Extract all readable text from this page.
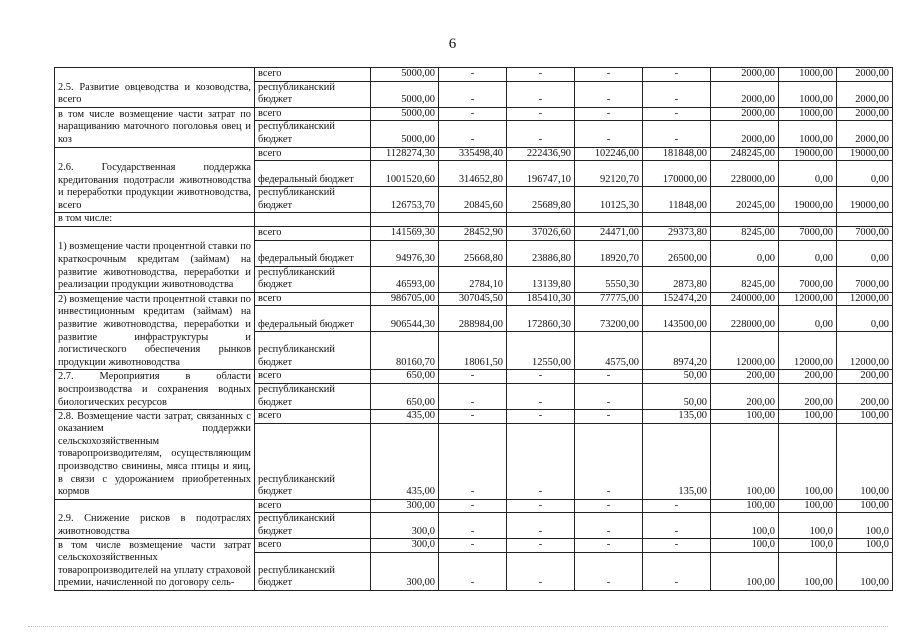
6
2.5. Развитие овцеводства и козоводства, всего	всего	5000,00	-	-	-	-	2000,00	1000,00	2000,00
	республиканский бюджет	5000,00	-	-	-	-	2000,00	1000,00	2000,00
в том числе возмещение части затрат по наращиванию маточного поголовья овец и коз	всего	5000,00	-	-	-	-	2000,00	1000,00	2000,00
	республиканский бюджет	5000,00	-	-	-	-	2000,00	1000,00	2000,00
2.6. Государственная поддержка кредитования подотрасли животноводства и переработки продукции животноводства, всего	всего	1128274,30	335498,40	222436,90	102246,00	181848,00	248245,00	19000,00	19000,00
	федеральный бюджет	1001520,60	314652,80	196747,10	92120,70	170000,00	228000,00	0,00	0,00
	республиканский бюджет	126753,70	20845,60	25689,80	10125,30	11848,00	20245,00	19000,00	19000,00
в том числе:									
1) возмещение части процентной ставки по краткосрочным кредитам (займам) на развитие животноводства, переработки и реализации продукции животноводства	всего	141569,30	28452,90	37026,60	24471,00	29373,80	8245,00	7000,00	7000,00
	федеральный бюджет	94976,30	25668,80	23886,80	18920,70	26500,00	0,00	0,00	0,00
	республиканский бюджет	46593,00	2784,10	13139,80	5550,30	2873,80	8245,00	7000,00	7000,00
2) возмещение части процентной ставки по инвестиционным кредитам (займам) на развитие животноводства, переработки и развитие инфраструктуры и логистического обеспечения рынков продукции животноводства	всего	986705,00	307045,50	185410,30	77775,00	152474,20	240000,00	12000,00	12000,00
	федеральный бюджет	906544,30	288984,00	172860,30	73200,00	143500,00	228000,00	0,00	0,00
	республиканский бюджет	80160,70	18061,50	12550,00	4575,00	8974,20	12000,00	12000,00	12000,00
2.7. Мероприятия в области воспроизводства и сохранения водных биологических ресурсов	всего	650,00	-	-	-	50,00	200,00	200,00	200,00
	республиканский бюджет	650,00	-	-	-	50,00	200,00	200,00	200,00
2.8. Возмещение части затрат, связанных с оказанием поддержки сельскохозяйственным товаропроизводителям, осуществляющим производство свинины, мяса птицы и яиц, в связи с удорожанием приобретенных кормов	всего	435,00	-	-	-	135,00	100,00	100,00	100,00
	республиканский бюджет	435,00	-	-	-	135,00	100,00	100,00	100,00
2.9. Снижение рисков в подотраслях животноводства	всего	300,00	-	-	-	-	100,00	100,00	100,00
	республиканский бюджет	300,0	-	-	-	-	100,0	100,0	100,0
в том числе возмещение части затрат сельскохозяйственных товаропроизводителей на уплату страховой премии, начисленной по договору сель-	всего	300,0	-	-	-	-	100,0	100,0	100,0
	республиканский бюджет	300,00	-	-	-	-	100,00	100,00	100,00
